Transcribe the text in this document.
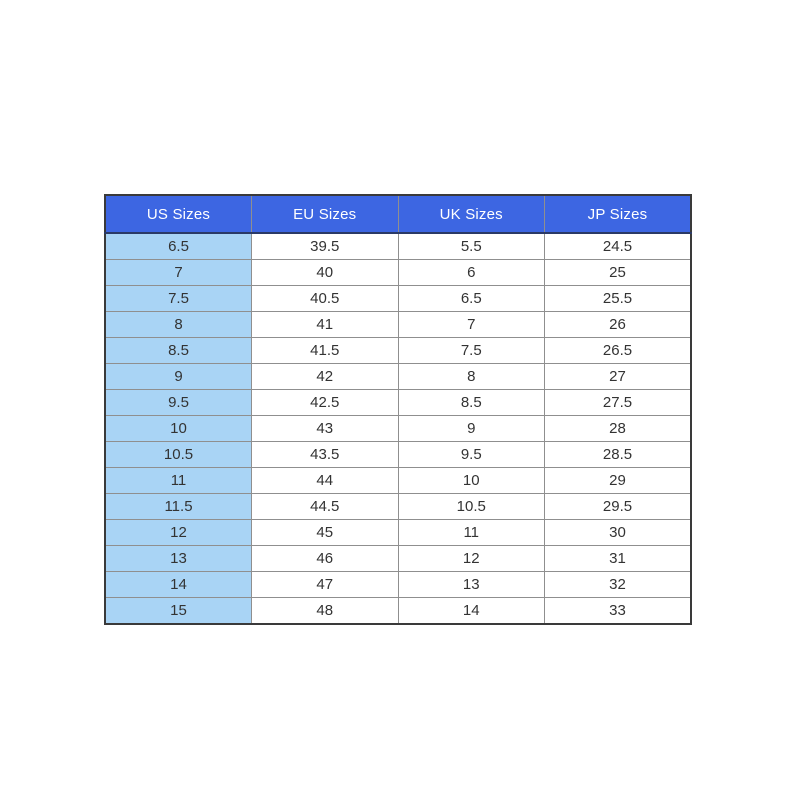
US Sizes	EU Sizes	UK Sizes	JP Sizes
6.5	39.5	5.5	24.5
7	40	6	25
7.5	40.5	6.5	25.5
8	41	7	26
8.5	41.5	7.5	26.5
9	42	8	27
9.5	42.5	8.5	27.5
10	43	9	28
10.5	43.5	9.5	28.5
11	44	10	29
11.5	44.5	10.5	29.5
12	45	11	30
13	46	12	31
14	47	13	32
15	48	14	33
